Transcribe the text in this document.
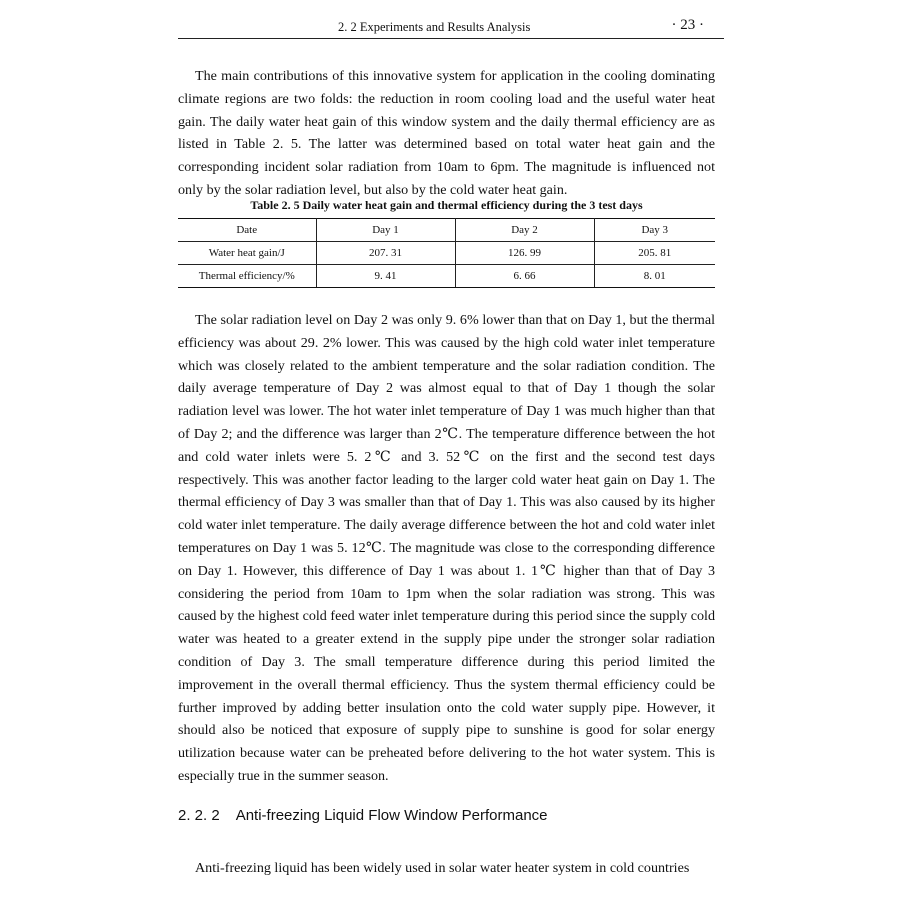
2. 2 Experiments and Results Analysis	· 23 ·

The main contributions of this innovative system for application in the cooling dominating climate regions are two folds: the reduction in room cooling load and the useful water heat gain. The daily water heat gain of this window system and the daily thermal efficiency are as listed in Table 2. 5. The latter was determined based on total water heat gain and the corresponding incident solar radiation from 10am to 6pm. The magnitude is influenced not only by the solar radiation level, but also by the cold water heat gain.

Table 2. 5 Daily water heat gain and thermal efficiency during the 3 test days
Date	Day 1	Day 2	Day 3
Water heat gain/J	207. 31	126. 99	205. 81
Thermal efficiency/%	9. 41	6. 66	8. 01

The solar radiation level on Day 2 was only 9. 6% lower than that on Day 1, but the thermal efficiency was about 29. 2% lower. This was caused by the high cold water inlet temperature which was closely related to the ambient temperature and the solar radiation condition. The daily average temperature of Day 2 was almost equal to that of Day 1 though the solar radiation level was lower. The hot water inlet temperature of Day 1 was much higher than that of Day 2; and the difference was larger than 2℃. The temperature difference between the hot and cold water inlets were 5. 2℃ and 3. 52℃ on the first and the second test days respectively. This was another factor leading to the larger cold water heat gain on Day 1. The thermal efficiency of Day 3 was smaller than that of Day 1. This was also caused by its higher cold water inlet temperature. The daily average difference between the hot and cold water inlet temperatures on Day 1 was 5. 12℃. The magnitude was close to the corresponding difference on Day 1. However, this difference of Day 1 was about 1. 1℃ higher than that of Day 3 considering the period from 10am to 1pm when the solar radiation was strong. This was caused by the highest cold feed water inlet temperature during this period since the supply cold water was heated to a greater extend in the supply pipe under the stronger solar radiation condition of Day 3. The small temperature difference during this period limited the improvement in the overall thermal efficiency. Thus the system thermal efficiency could be further improved by adding better insulation onto the cold water supply pipe. However, it should also be noticed that exposure of supply pipe to sunshine is good for solar energy utilization because water can be preheated before delivering to the hot water system. This is especially true in the summer season.

2. 2. 2 Anti-freezing Liquid Flow Window Performance

Anti-freezing liquid has been widely used in solar water heater system in cold countries
